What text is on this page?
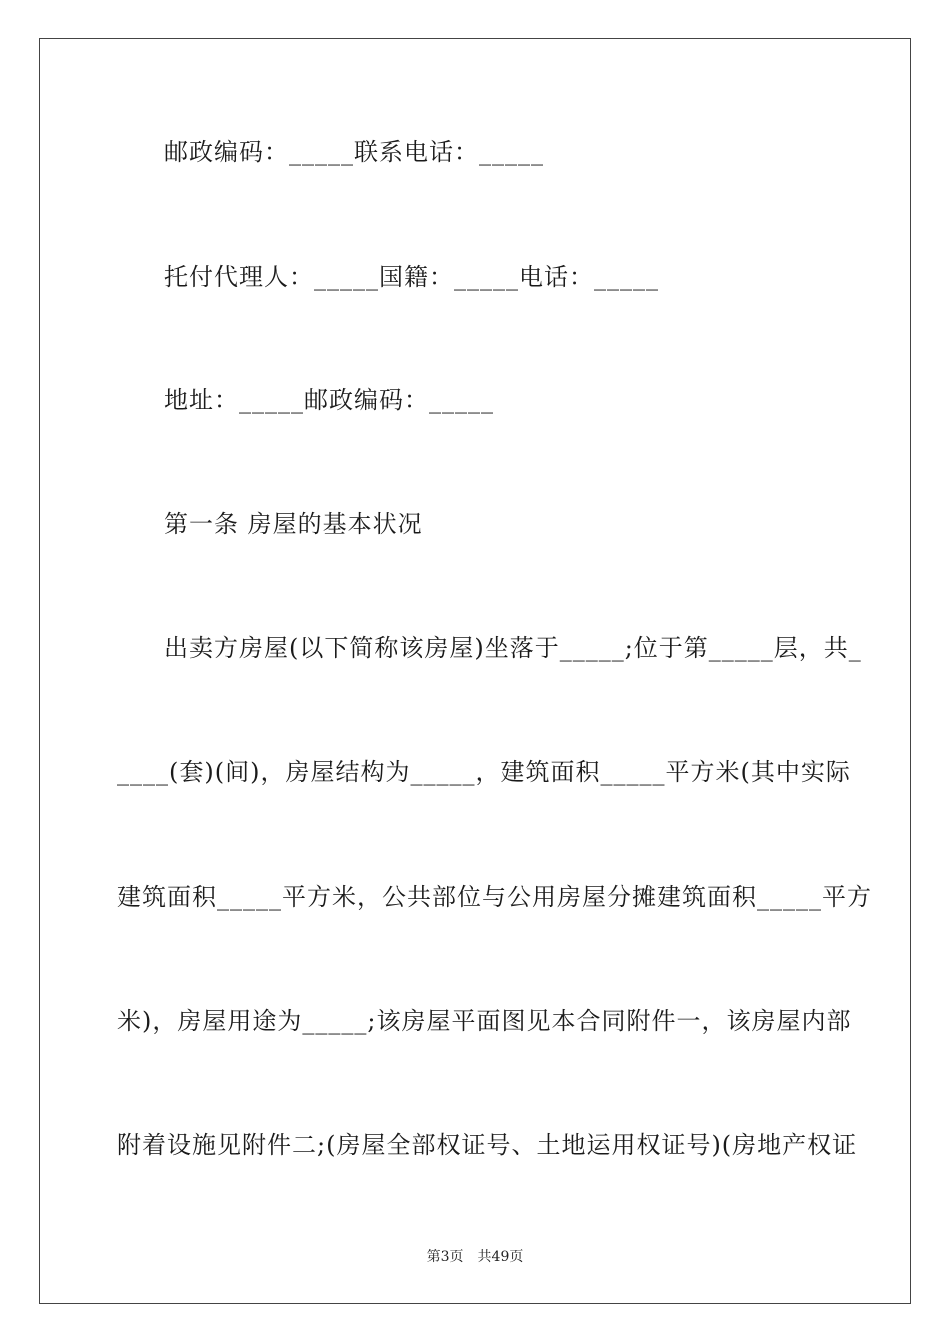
邮政编码：_____联系电话：_____
托付代理人：_____国籍：_____电话：_____
地址：_____邮政编码：_____
第一条 房屋的基本状况
出卖方房屋(以下简称该房屋)坐落于_____;位于第_____层，共_
____(套)(间)，房屋结构为_____，建筑面积_____平方米(其中实际
建筑面积_____平方米，公共部位与公用房屋分摊建筑面积_____平方
米)，房屋用途为_____;该房屋平面图见本合同附件一，该房屋内部
附着设施见附件二;(房屋全部权证号、土地运用权证号)(房地产权证
第3页　共49页
